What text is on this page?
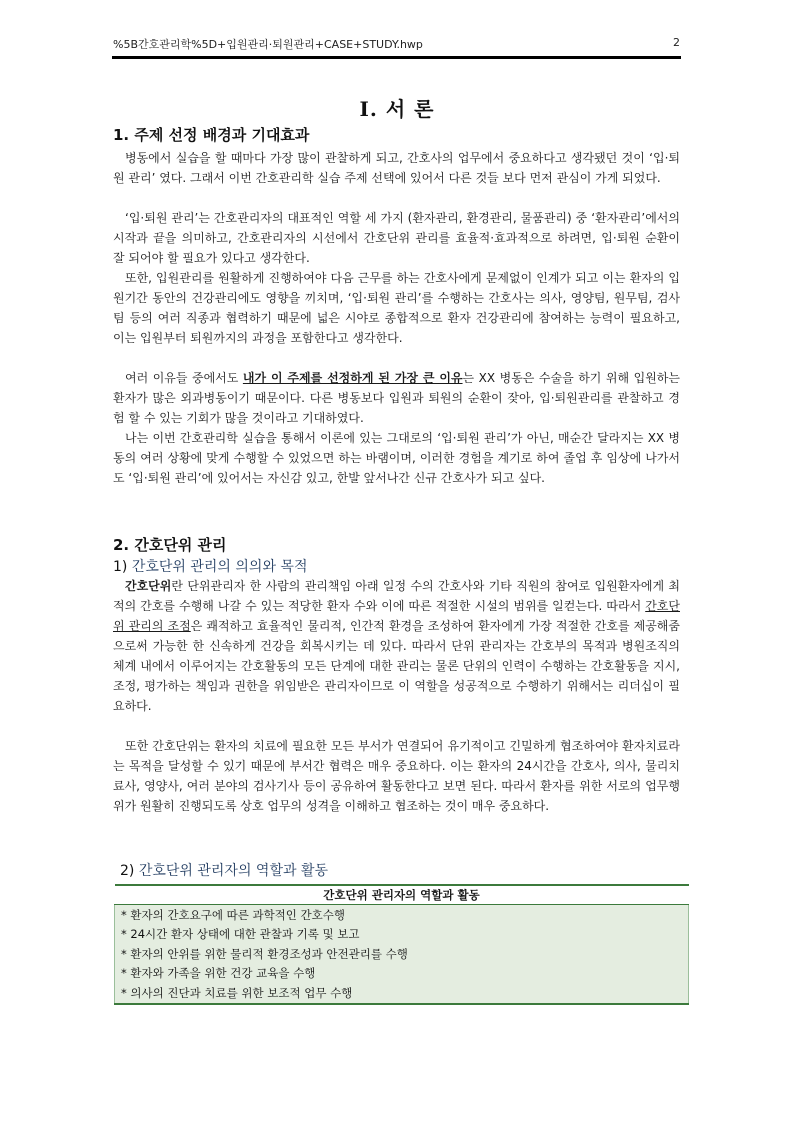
%5B간호관리학%5D+입원관리·퇴원관리+CASE+STUDY.hwp	2
Ⅰ. 서 론
1. 주제 선정 배경과 기대효과

병동에서 실습을 할 때마다 가장 많이 관찰하게 되고, 간호사의 업무에서 중요하다고 생각됐던 것이 ‘입·퇴원 관리’ 였다. 그래서 이번 간호관리학 실습 주제 선택에 있어서 다른 것들 보다 먼저 관심이 가게 되었다.

‘입·퇴원 관리’는 간호관리자의 대표적인 역할 세 가지 (환자관리, 환경관리, 물품관리) 중 ‘환자관리’에서의 시작과 끝을 의미하고, 간호관리자의 시선에서 간호단위 관리를 효율적·효과적으로 하려면, 입·퇴원 순환이 잘 되어야 할 필요가 있다고 생각한다.

또한, 입원관리를 원활하게 진행하여야 다음 근무를 하는 간호사에게 문제없이 인계가 되고 이는 환자의 입원기간 동안의 건강관리에도 영향을 끼치며, ‘입·퇴원 관리’를 수행하는 간호사는 의사, 영양팀, 원무팀, 검사팀 등의 여러 직종과 협력하기 때문에 넓은 시야로 종합적으로 환자 건강관리에 참여하는 능력이 필요하고, 이는 입원부터 퇴원까지의 과정을 포함한다고 생각한다.

여러 이유들 중에서도 내가 이 주제를 선정하게 된 가장 큰 이유는 XX 병동은 수술을 하기 위해 입원하는 환자가 많은 외과병동이기 때문이다. 다른 병동보다 입원과 퇴원의 순환이 잦아, 입·퇴원관리를 관찰하고 경험 할 수 있는 기회가 많을 것이라고 기대하였다.

나는 이번 간호관리학 실습을 통해서 이론에 있는 그대로의 ‘입·퇴원 관리’가 아닌, 매순간 달라지는 XX 병동의 여러 상황에 맞게 수행할 수 있었으면 하는 바램이며, 이러한 경험을 계기로 하여 졸업 후 임상에 나가서도 ‘입·퇴원 관리’에 있어서는 자신감 있고, 한발 앞서나간 신규 간호사가 되고 싶다.

2. 간호단위 관리
1) 간호단위 관리의 의의와 목적

간호단위란 단위관리자 한 사람의 관리책임 아래 일정 수의 간호사와 기타 직원의 참여로 입원환자에게 최적의 간호를 수행해 나갈 수 있는 적당한 환자 수와 이에 따른 적절한 시설의 범위를 일컫는다. 따라서 간호단위 관리의 조점은 쾌적하고 효율적인 물리적, 인간적 환경을 조성하여 환자에게 가장 적절한 간호를 제공해줌으로써 가능한 한 신속하게 건강을 회복시키는 데 있다. 따라서 단위 관리자는 간호부의 목적과 병원조직의 체계 내에서 이루어지는 간호활동의 모든 단계에 대한 관리는 물론 단위의 인력이 수행하는 간호활동을 지시, 조정, 평가하는 책임과 권한을 위임받은 관리자이므로 이 역할을 성공적으로 수행하기 위해서는 리더십이 필요하다.

또한 간호단위는 환자의 치료에 필요한 모든 부서가 연결되어 유기적이고 긴밀하게 협조하여야 환자치료라는 목적을 달성할 수 있기 때문에 부서간 협력은 매우 중요하다. 이는 환자의 24시간을 간호사, 의사, 물리치료사, 영양사, 여러 분야의 검사기사 등이 공유하여 활동한다고 보면 된다. 따라서 환자를 위한 서로의 업무행위가 원활히 진행되도록 상호 업무의 성격을 이해하고 협조하는 것이 매우 중요하다.

2) 간호단위 관리자의 역할과 활동
간호단위 관리자의 역할과 활동
* 환자의 간호요구에 따른 과학적인 간호수행
* 24시간 환자 상태에 대한 관찰과 기록 및 보고
* 환자의 안위를 위한 물리적 환경조성과 안전관리를 수행
* 환자와 가족을 위한 건강 교육을 수행
* 의사의 진단과 치료를 위한 보조적 업무 수행
